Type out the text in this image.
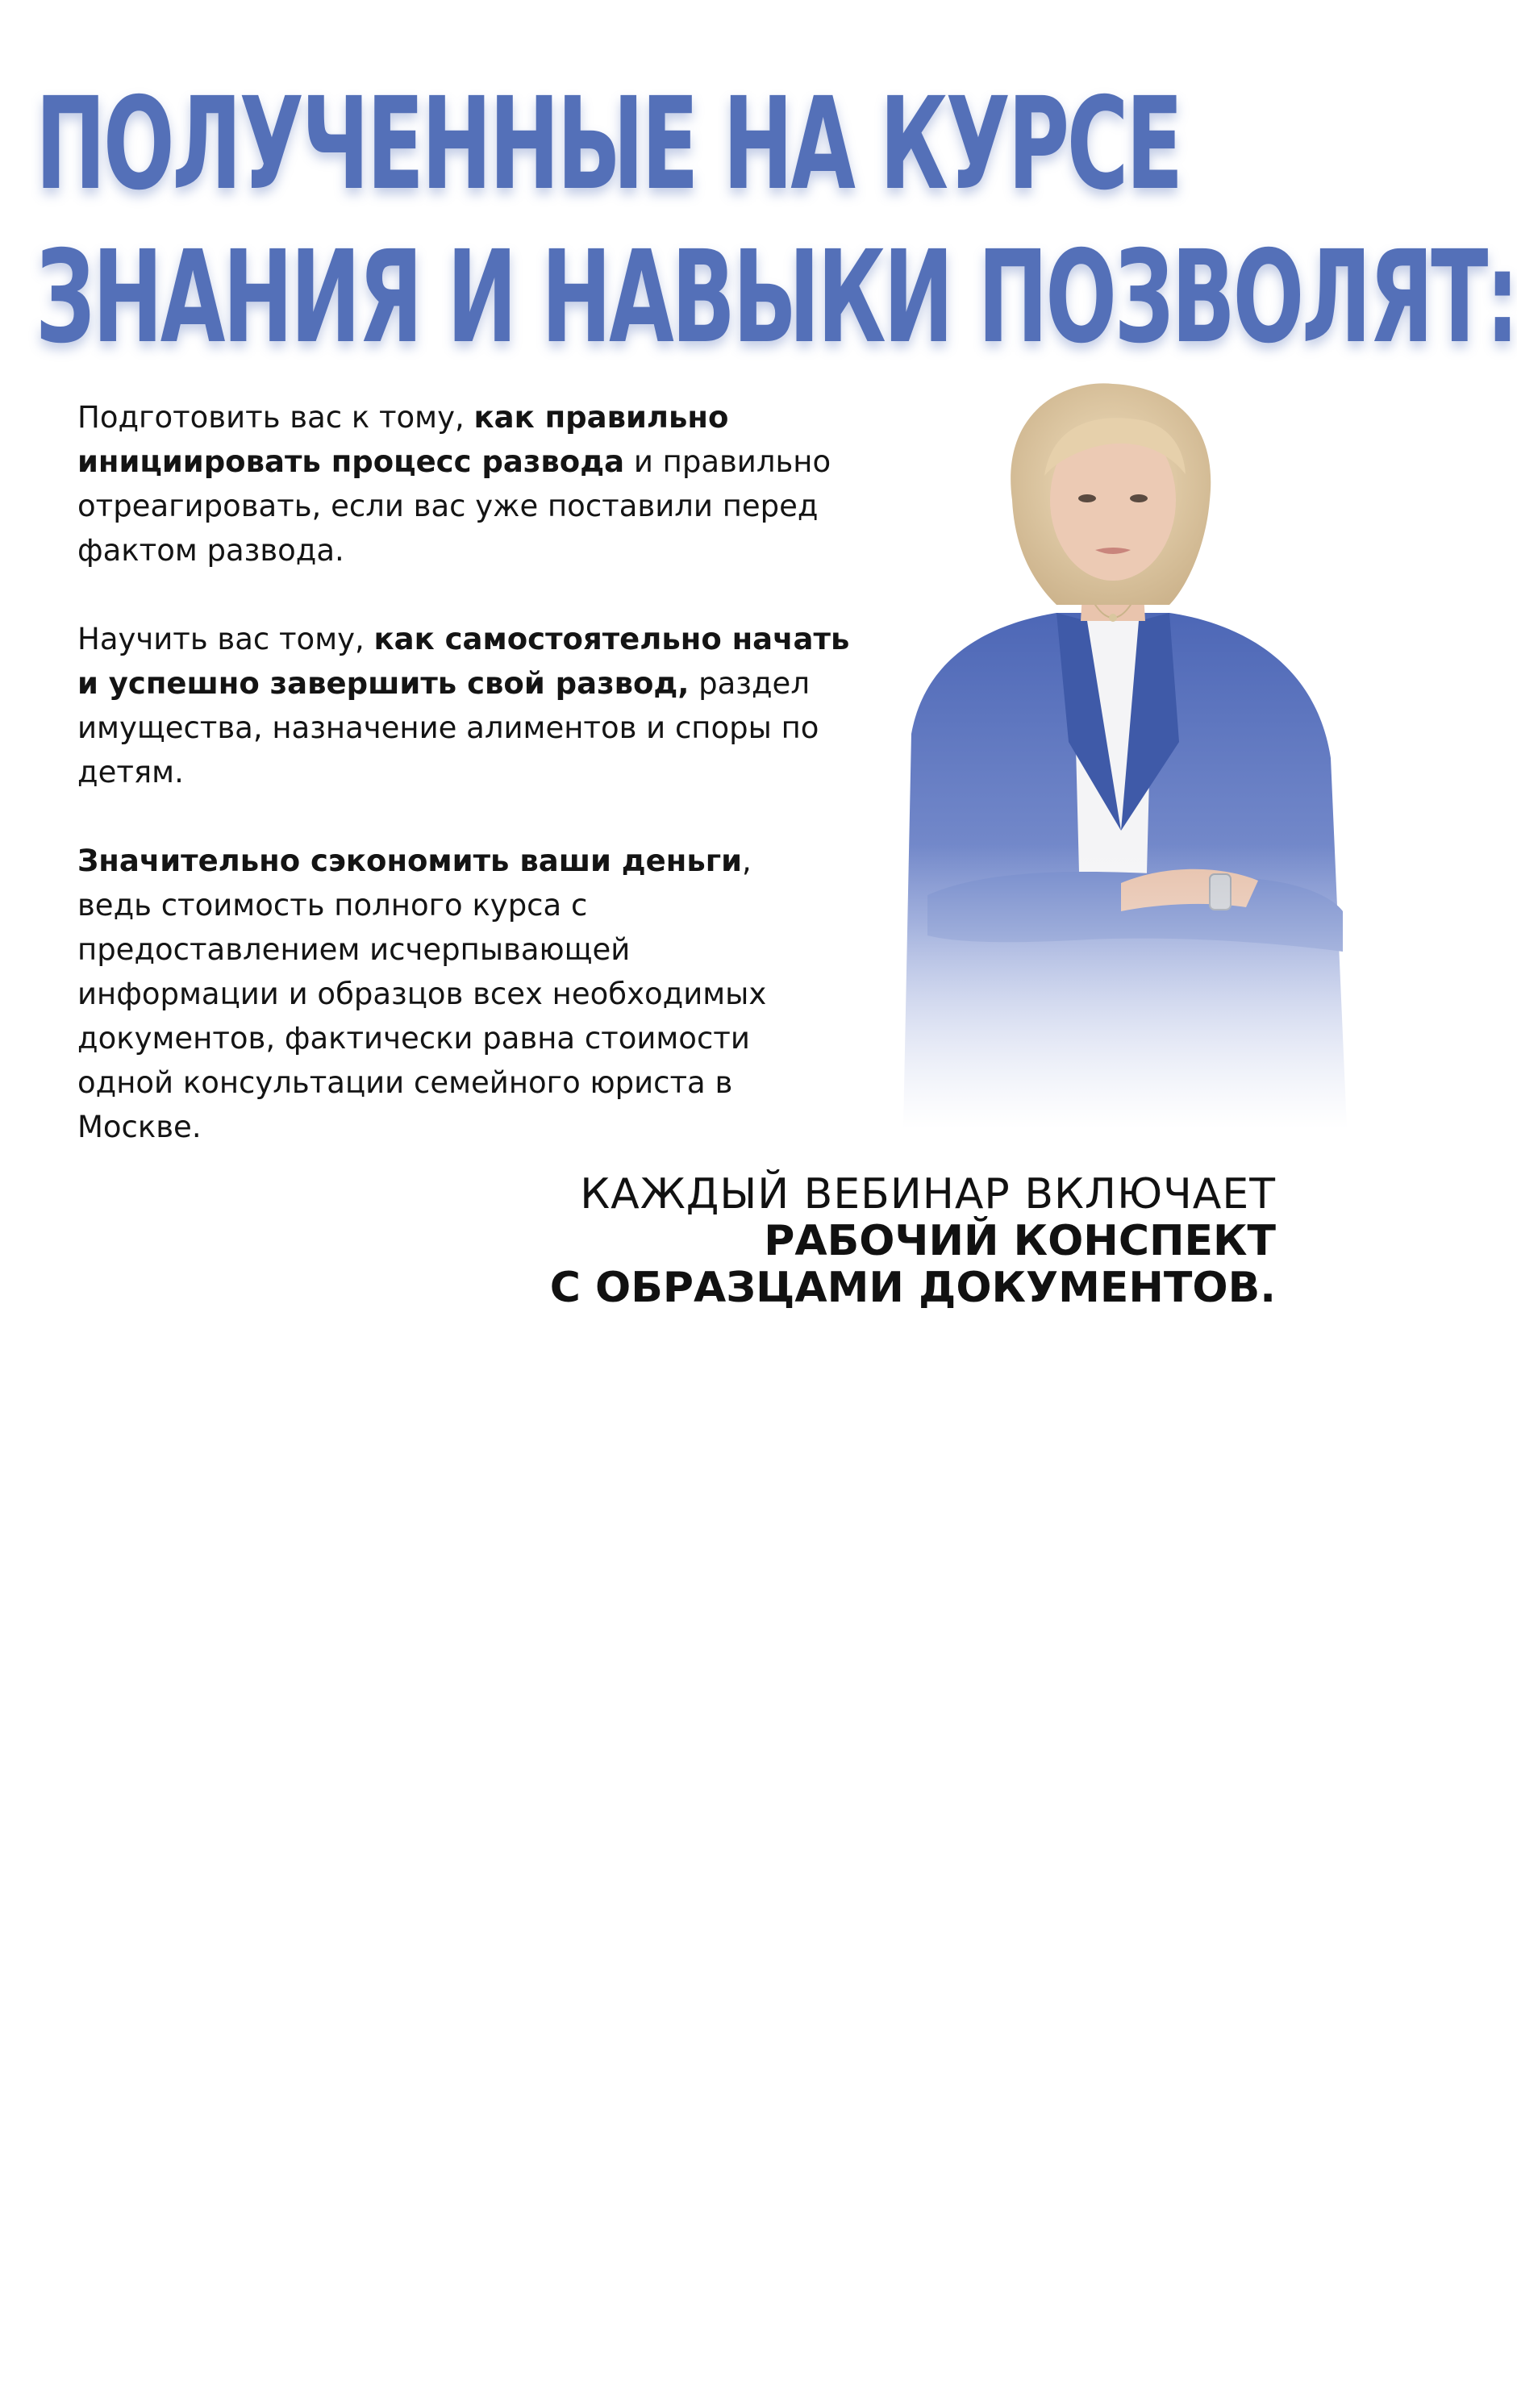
ПОЛУЧЕННЫЕ НА КУРСЕ
ЗНАНИЯ И НАВЫКИ ПОЗВОЛЯТ:

Подготовить вас к тому, как правильно инициировать процесс развода и правильно отреагировать, если вас уже поставили перед фактом развода.

Научить вас тому, как самостоятельно начать и успешно завершить свой развод, раздел имущества, назначение алиментов и споры по детям.

Значительно сэкономить ваши деньги, ведь стоимость полного курса с предоставлением исчерпывающей информации и образцов всех необходимых документов, фактически равна стоимости одной консультации семейного юриста в Москве.

КАЖДЫЙ ВЕБИНАР ВКЛЮЧАЕТ
РАБОЧИЙ КОНСПЕКТ
С ОБРАЗЦАМИ ДОКУМЕНТОВ.
